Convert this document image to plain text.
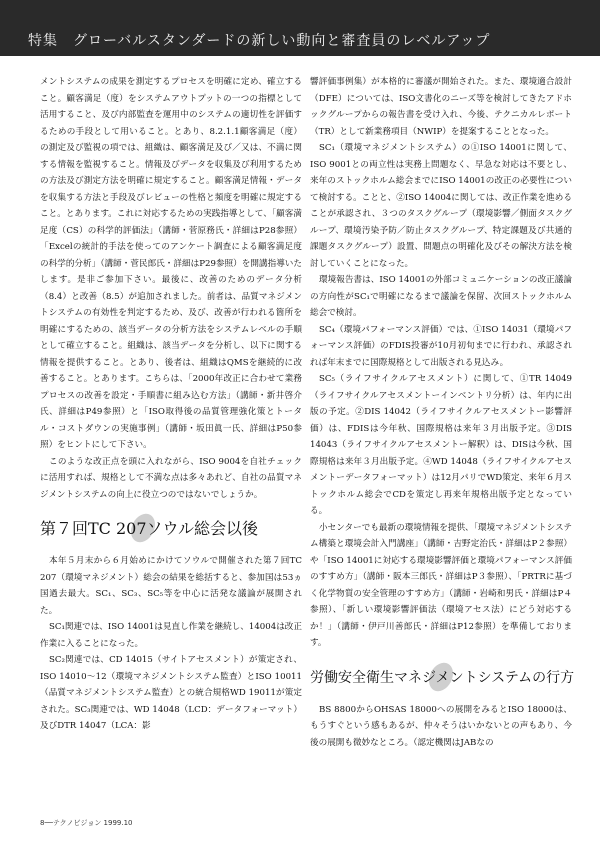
特集　グローバルスタンダードの新しい動向と審査員のレベルアップ

メントシステムの成果を測定するプロセスを明確に定め、確立すること。顧客満足（度）をシステムアウトプットの一つの指標として活用すること、及び内部監査を運用中のシステムの適切性を評価するための手段として用いること。とあり、8.2.1.1顧客満足（度）の測定及び監視の項では、組織は、顧客満足及び／又は、不満に関する情報を監視すること。情報及びデータを収集及び利用するための方法及び測定方法を明確に規定すること。顧客満足情報・データを収集する方法と手段及びレビューの性格と頻度を明確に規定すること。とあります。これに対応するための実践指導として、「顧客満足度（CS）の科学的評価法」（講師・菅原務氏・詳細はP28参照）「Excelの統計的手法を使ってのアンケート調査による顧客満足度の科学的分析」（講師・菅民郎氏・詳細はP29参照）を開講指導いたします。是非ご参加下さい。最後に、改善のためのデータ分析（8.4）と改善（8.5）が追加されました。前者は、品質マネジメントシステムの有効性を判定するため、及び、改善が行われる箇所を明確にするための、該当データの分析方法をシステムレベルの手順として確立すること。組織は、該当データを分析し、以下に関する情報を提供すること。とあり、後者は、組織はQMSを継続的に改善すること。とあります。こちらは、「2000年改正に合わせて業務プロセスの改善を設定・手順書に組み込む方法」（講師・新井啓介氏、詳細はP49参照）と「ISO取得後の品質管理強化策とトータル・コストダウンの実施事例」（講師・坂田眞一氏、詳細はP50参照）をヒントにして下さい。

このような改正点を頭に入れながら、ISO 9004を自社チェックに活用すれば、規格として不満な点は多々あれど、自社の品質マネジメントシステムの向上に役立つのではないでしょうか。

第７回TC 207ソウル総会以後

本年５月末から６月始めにかけてソウルで開催された第７回TC 207（環境マネジメント）総会の結果を総括すると、参加国は53ヵ国過去最大。SC₁、SC₃、SC₅等を中心に活発な議論が展開された。

SC₁関連では、ISO 14001は見直し作業を継続し、14004は改正作業に入ることになった。

SC₂関連では、CD 14015（サイトアセスメント）が策定され、ISO 14010～12（環境マネジメントシステム監査）とISO 10011（品質マネジメントシステム監査）との統合規格WD 19011が策定された。SC₃関連では、WD 14048（LCD：データフォーマット）及びDTR 14047（LCA：影

響評価事例集）が本格的に審議が開始された。また、環境適合設計（DFE）については、ISO文書化のニーズ等を検討してきたアドホックグループからの報告書を受け入れ、今後、テクニカルレポート（TR）として新業務項目（NWIP）を提案することとなった。

SC₁（環境マネジメントシステム）の①ISO 14001に関して、ISO 9001との両立性は実務上問題なく、早急な対応は不要とし、来年のストックホルム総会までにISO 14001の改正の必要性について検討する。ことと、②ISO 14004に関しては、改正作業を進めることが承認され、３つのタスクグループ（環境影響／側面タスクグループ、環境汚染予防／防止タスクグループ、特定課題及び共通的課題タスクグループ）設置、問題点の明確化及びその解決方法を検討していくことになった。

環境報告書は、ISO 14001の外部コミュニケーションの改正議論の方向性がSC₁で明確になるまで議論を保留、次回ストックホルム総会で検討。

SC₄（環境パフォーマンス評価）では、①ISO 14031（環境パフォーマンス評価）のFDIS投審が10月初旬までに行われ、承認されれば年末までに国際規格として出版される見込み。

SC₅（ライフサイクルアセスメント）に関して、①TR 14049（ライフサイクルアセスメントーインベントリ分析）は、年内に出版の予定。②DIS 14042（ライフサイクルアセスメントー影響評価）は、FDISは今年秋、国際規格は来年３月出版予定。③DIS 14043（ライフサイクルアセスメントー解釈）は、DISは今秋、国際規格は来年３月出版予定。④WD 14048（ライフサイクルアセスメントーデータフォーマット）は12月パリでWD策定、来年６月ストックホルム総会でCDを策定し再来年規格出版予定となっている。

小センターでも最新の環境情報を提供、「環境マネジメントシステム構築と環境会計入門講座」（講師・吉野定治氏・詳細はP２参照）や「ISO 14001に対応する環境影響評価と環境パフォーマンス評価のすすめ方」（講師・阪本三郎氏・詳細はP３参照）、「PRTRに基づく化学物質の安全管理のすすめ方」（講師・岩崎和男氏・詳細はP４参照）、「新しい環境影響評価法（環境アセス法）にどう対応するか！」（講師・伊戸川善郎氏・詳細はP12参照）を準備しております。

労働安全衛生マネジメントシステムの行方

BS 8800からOHSAS 18000への展開をみるとISO 18000は、もうすぐという感もあるが、仲々そうはいかないとの声もあり、今後の展開も微妙なところ。（認定機関はJABなの

8──テクノビジョン 1999.10
